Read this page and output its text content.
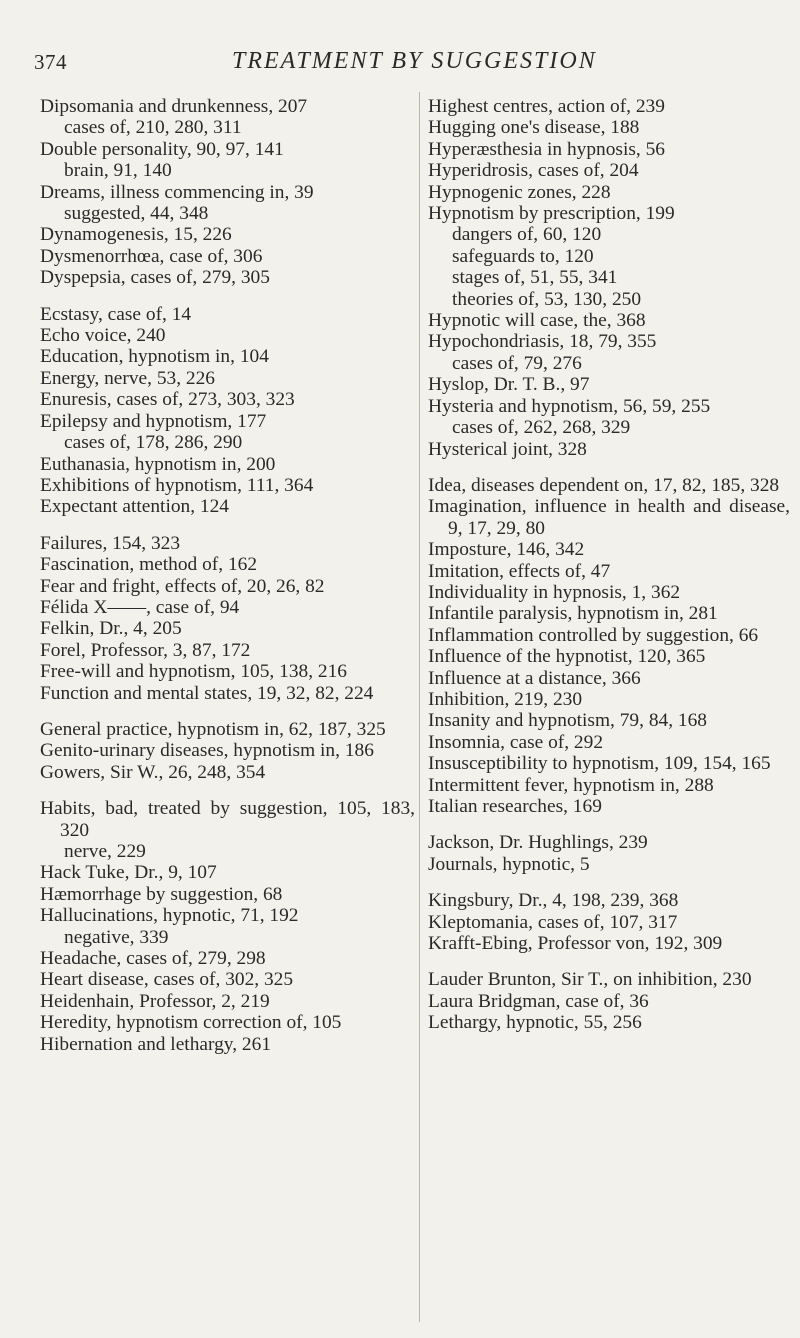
374	TREATMENT BY SUGGESTION
Dipsomania and drunkenness, 207
cases of, 210, 280, 311
Double personality, 90, 97, 141
brain, 91, 140
Dreams, illness commencing in, 39
suggested, 44, 348
Dynamogenesis, 15, 226
Dysmenorrhœa, case of, 306
Dyspepsia, cases of, 279, 305
Ecstasy, case of, 14
Echo voice, 240
Education, hypnotism in, 104
Energy, nerve, 53, 226
Enuresis, cases of, 273, 303, 323
Epilepsy and hypnotism, 177
cases of, 178, 286, 290
Euthanasia, hypnotism in, 200
Exhibitions of hypnotism, 111, 364
Expectant attention, 124
Failures, 154, 323
Fascination, method of, 162
Fear and fright, effects of, 20, 26, 82
Félida X——, case of, 94
Felkin, Dr., 4, 205
Forel, Professor, 3, 87, 172
Free-will and hypnotism, 105, 138, 216
Function and mental states, 19, 32, 82, 224
General practice, hypnotism in, 62, 187, 325
Genito-urinary diseases, hypnotism in, 186
Gowers, Sir W., 26, 248, 354
Habits, bad, treated by suggestion, 105, 183, 320
nerve, 229
Hack Tuke, Dr., 9, 107
Hæmorrhage by suggestion, 68
Hallucinations, hypnotic, 71, 192
negative, 339
Headache, cases of, 279, 298
Heart disease, cases of, 302, 325
Heidenhain, Professor, 2, 219
Heredity, hypnotism correction of, 105
Hibernation and lethargy, 261
Highest centres, action of, 239
Hugging one's disease, 188
Hyperæsthesia in hypnosis, 56
Hyperidrosis, cases of, 204
Hypnogenic zones, 228
Hypnotism by prescription, 199
dangers of, 60, 120
safeguards to, 120
stages of, 51, 55, 341
theories of, 53, 130, 250
Hypnotic will case, the, 368
Hypochondriasis, 18, 79, 355
cases of, 79, 276
Hyslop, Dr. T. B., 97
Hysteria and hypnotism, 56, 59, 255
cases of, 262, 268, 329
Hysterical joint, 328
Idea, diseases dependent on, 17, 82, 185, 328
Imagination, influence in health and disease, 9, 17, 29, 80
Imposture, 146, 342
Imitation, effects of, 47
Individuality in hypnosis, 1, 362
Infantile paralysis, hypnotism in, 281
Inflammation controlled by suggestion, 66
Influence of the hypnotist, 120, 365
Influence at a distance, 366
Inhibition, 219, 230
Insanity and hypnotism, 79, 84, 168
Insomnia, case of, 292
Insusceptibility to hypnotism, 109, 154, 165
Intermittent fever, hypnotism in, 288
Italian researches, 169
Jackson, Dr. Hughlings, 239
Journals, hypnotic, 5
Kingsbury, Dr., 4, 198, 239, 368
Kleptomania, cases of, 107, 317
Krafft-Ebing, Professor von, 192, 309
Lauder Brunton, Sir T., on inhibition, 230
Laura Bridgman, case of, 36
Lethargy, hypnotic, 55, 256
